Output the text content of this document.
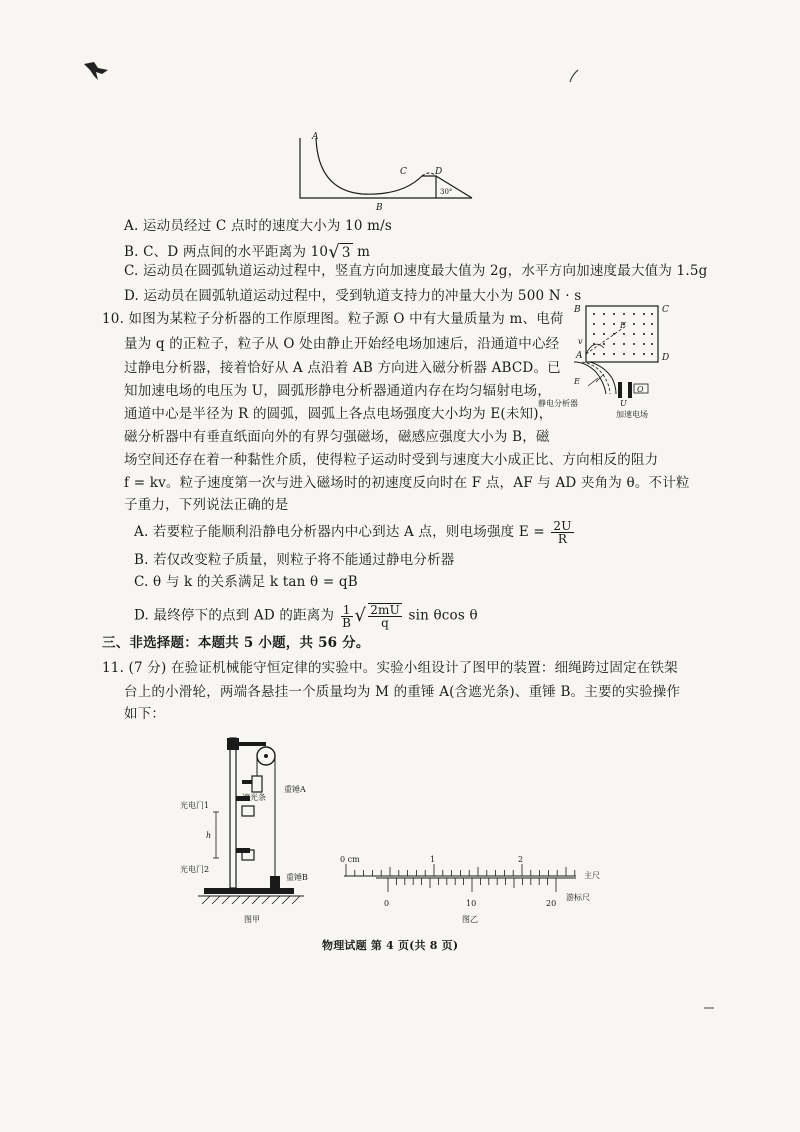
A
B
C	D
30°
A. 运动员经过 C 点时的速度大小为 10 m/s
B. C、D 两点间的水平距离为 10√ 3 m
C. 运动员在圆弧轨道运动过程中，竖直方向加速度最大值为 2g，水平方向加速度最大值为 1.5g
D. 运动员在圆弧轨道运动过程中，受到轨道支持力的冲量大小为 500 N · s
10. 如图为某粒子分析器的工作原理图。粒子源 O 中有大量质量为 m、电荷
量为 q 的正粒子，粒子从 O 处由静止开始经电场加速后，沿通道中心经
过静电分析器，接着恰好从 A 点沿着 AB 方向进入磁分析器 ABCD。已
知加速电场的电压为 U，圆弧形静电分析器通道内存在均匀辐射电场，
通道中心是半径为 R 的圆弧，圆弧上各点电场强度大小均为 E(未知)，
磁分析器中有垂直纸面向外的有界匀强磁场，磁感应强度大小为 B，磁
场空间还存在着一种黏性介质，使得粒子运动时受到与速度大小成正比、方向相反的阻力
f = kv。粒子速度第一次与进入磁场时的初速度反向时在 F 点，AF 与 AD 夹角为 θ。不计粒
子重力，下列说法正确的是
B	C
A	D
F
v
E
U
O
静电分析器
加速电场
A. 若要粒子能顺利沿静电分析器内中心到达 A 点，则电场强度 $E = \frac{2U}{R}$
B. 若仅改变粒子质量，则粒子将不能通过静电分析器
C. θ 与 k 的关系满足 k tan θ = qB
D. 最终停下的点到 AD 的距离为 $\frac{1}{B}$ √ $\frac{2mU}{q}$ sin θcos θ
三、非选择题：本题共 5 小题，共 56 分。
11. (7 分) 在验证机械能守恒定律的实验中。实验小组设计了图甲的装置：细绳跨过固定在铁架
台上的小滑轮，两端各悬挂一个质量均为 M 的重锤 A(含遮光条)、重锤 B。主要的实验操作
如下：
重锤A
遮光条
光电门1
h
光电门2
重锤B
图甲
0 cm	1	2
主尺
0	10	20
游标尺
图乙
物理试题 第 4 页(共 8 页)
